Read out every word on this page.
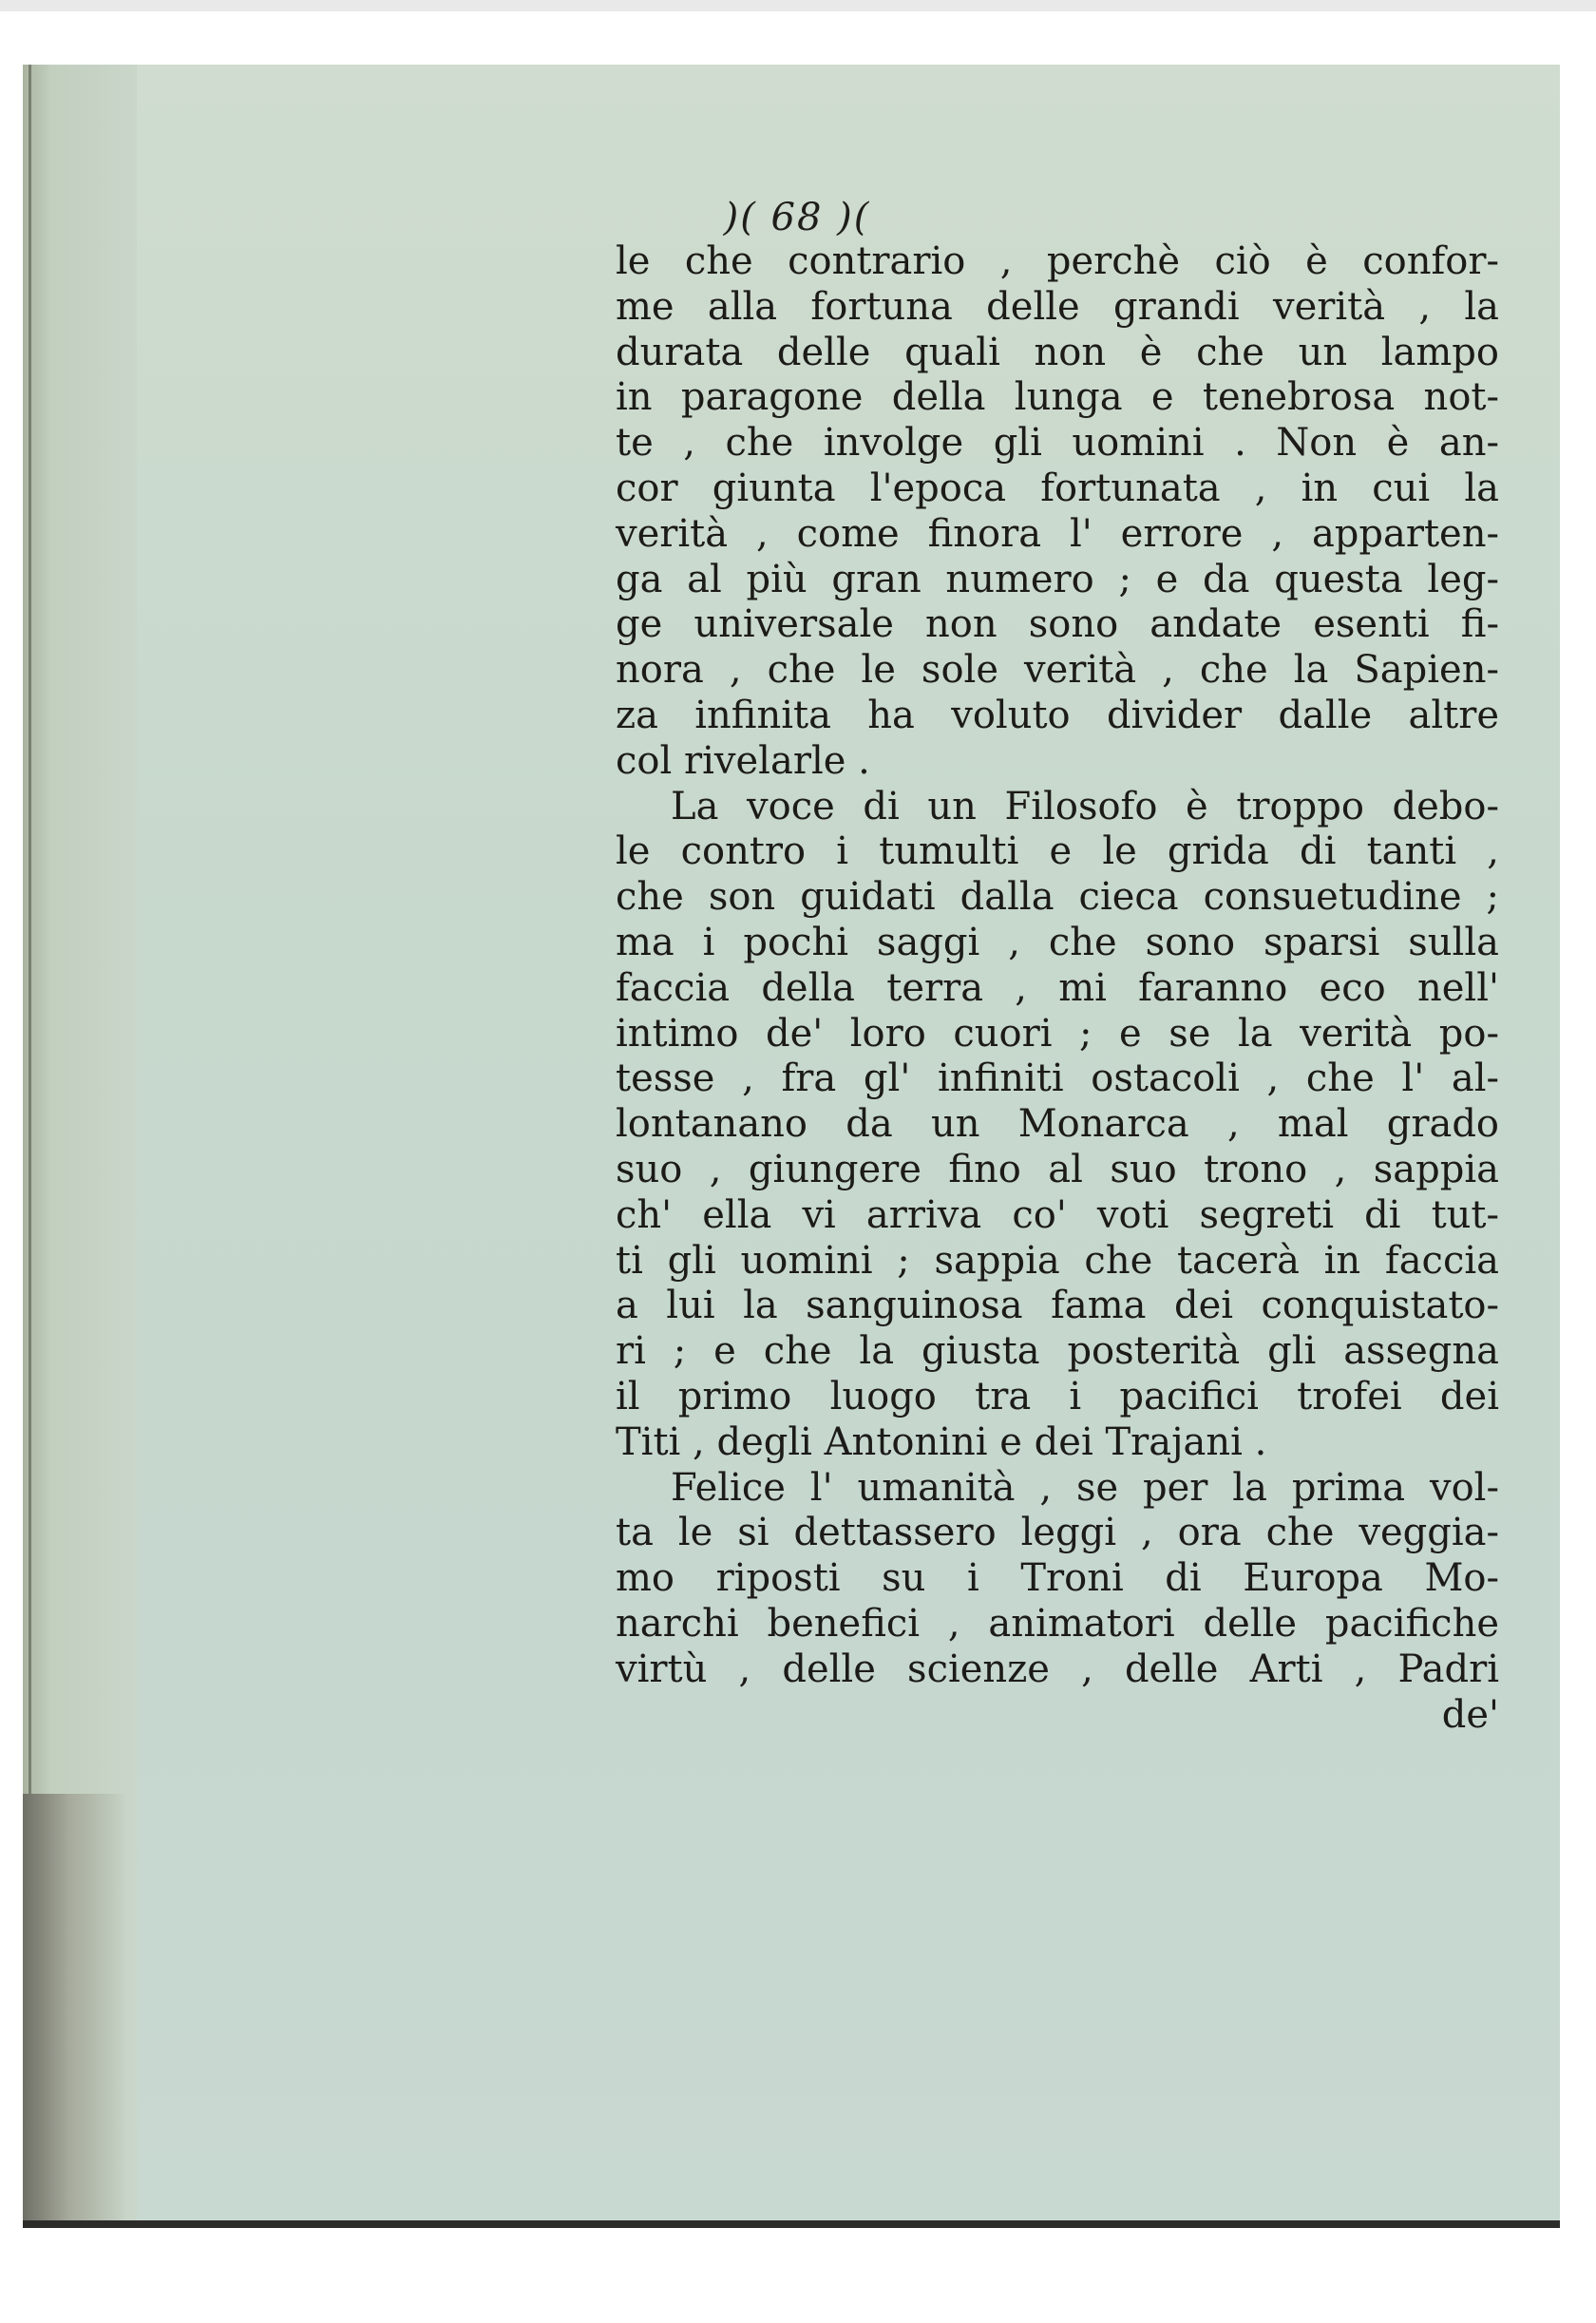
)( 68 )(
le che contrario , perchè ciò è confor-
me alla fortuna delle grandi verità , la
durata delle quali non è che un lampo
in paragone della lunga e tenebrosa not-
te , che involge gli uomini . Non è an-
cor giunta l'epoca fortunata , in cui la
verità , come finora l' errore , apparten-
ga al più gran numero ; e da questa leg-
ge universale non sono andate esenti fi-
nora , che le sole verità , che la Sapien-
za infinita ha voluto divider dalle altre
col rivelarle .
La voce di un Filosofo è troppo debo-
le contro i tumulti e le grida di tanti ,
che son guidati dalla cieca consuetudine ;
ma i pochi saggi , che sono sparsi sulla
faccia della terra , mi faranno eco nell'
intimo de' loro cuori ; e se la verità po-
tesse , fra gl' infiniti ostacoli , che l' al-
lontanano da un Monarca , mal grado
suo , giungere fino al suo trono , sappia
ch' ella vi arriva co' voti segreti di tut-
ti gli uomini ; sappia che tacerà in faccia
a lui la sanguinosa fama dei conquistato-
ri ; e che la giusta posterità gli assegna
il primo luogo tra i pacifici trofei dei
Titi , degli Antonini e dei Trajani .
Felice l' umanità , se per la prima vol-
ta le si dettassero leggi , ora che veggia-
mo riposti su i Troni di Europa Mo-
narchi benefici , animatori delle pacifiche
virtù , delle scienze , delle Arti , Padri
de'
